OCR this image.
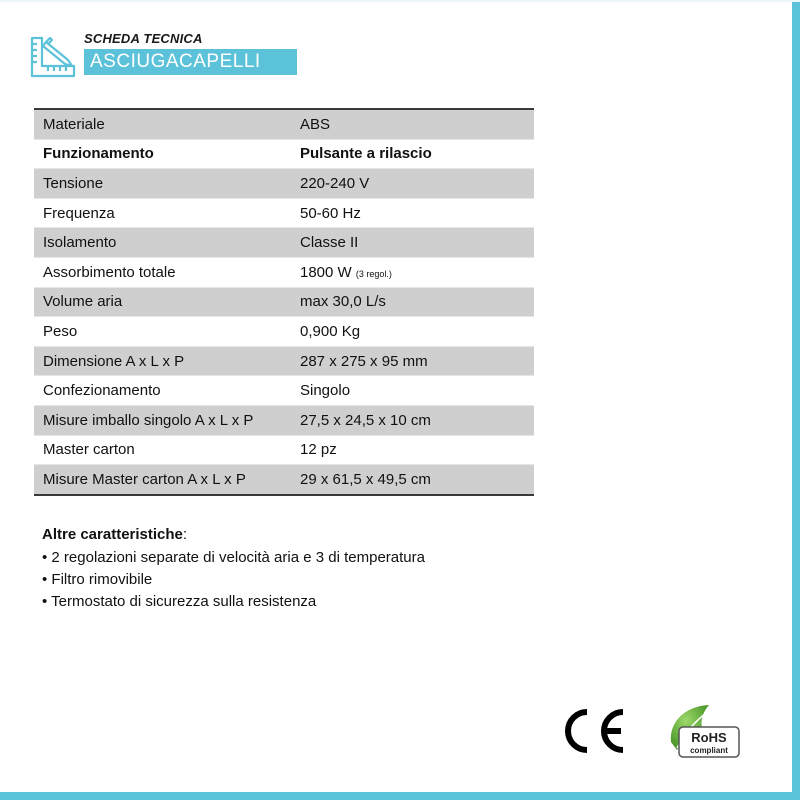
SCHEDA TECNICA
ASCIUGACAPELLI
Materiale	ABS
Funzionamento	Pulsante a rilascio
Tensione	220-240 V
Frequenza	50-60 Hz
Isolamento	Classe II
Assorbimento totale	1800 W (3 regol.)
Volume aria	max 30,0 L/s
Peso	0,900 Kg
Dimensione A x L x P	287 x 275 x 95 mm
Confezionamento	Singolo
Misure imballo singolo A x L x P	27,5 x 24,5 x 10 cm
Master carton	12 pz
Misure Master carton A x L x P	29 x 61,5 x 49,5 cm
Altre caratteristiche:
• 2 regolazioni separate di velocità aria e 3 di temperatura
• Filtro rimovibile
• Termostato di sicurezza sulla resistenza
CE	RoHS
compliant
